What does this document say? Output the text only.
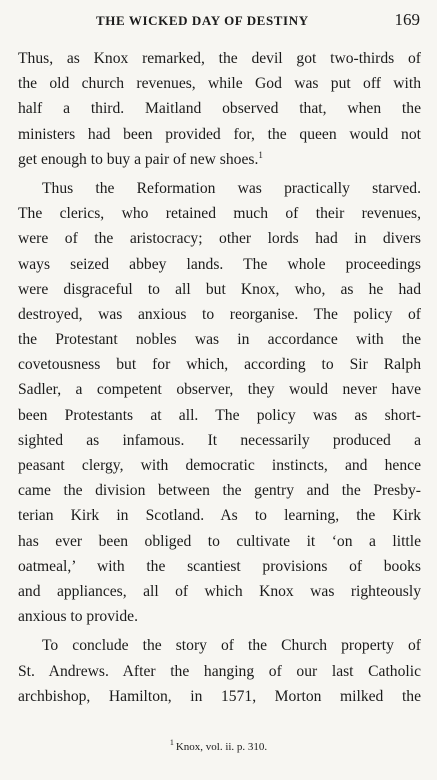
THE WICKED DAY OF DESTINY	169
Thus, as Knox remarked, the devil got two-thirds of
the old church revenues, while God was put off with
half a third. Maitland observed that, when the
ministers had been provided for, the queen would not
get enough to buy a pair of new shoes.$^1$
Thus the Reformation was practically starved.
The clerics, who retained much of their revenues,
were of the aristocracy; other lords had in divers
ways seized abbey lands. The whole proceedings
were disgraceful to all but Knox, who, as he had
destroyed, was anxious to reorganise. The policy of
the Protestant nobles was in accordance with the
covetousness but for which, according to Sir Ralph
Sadler, a competent observer, they would never have
been Protestants at all. The policy was as short-
sighted as infamous. It necessarily produced a
peasant clergy, with democratic instincts, and hence
came the division between the gentry and the Presby-
terian Kirk in Scotland. As to learning, the Kirk
has ever been obliged to cultivate it ‘on a little
oatmeal,’ with the scantiest provisions of books
and appliances, all of which Knox was righteously
anxious to provide.
To conclude the story of the Church property of
St. Andrews. After the hanging of our last Catholic
archbishop, Hamilton, in 1571, Morton milked the
$^1$ Knox, vol. ii. p. 310.
